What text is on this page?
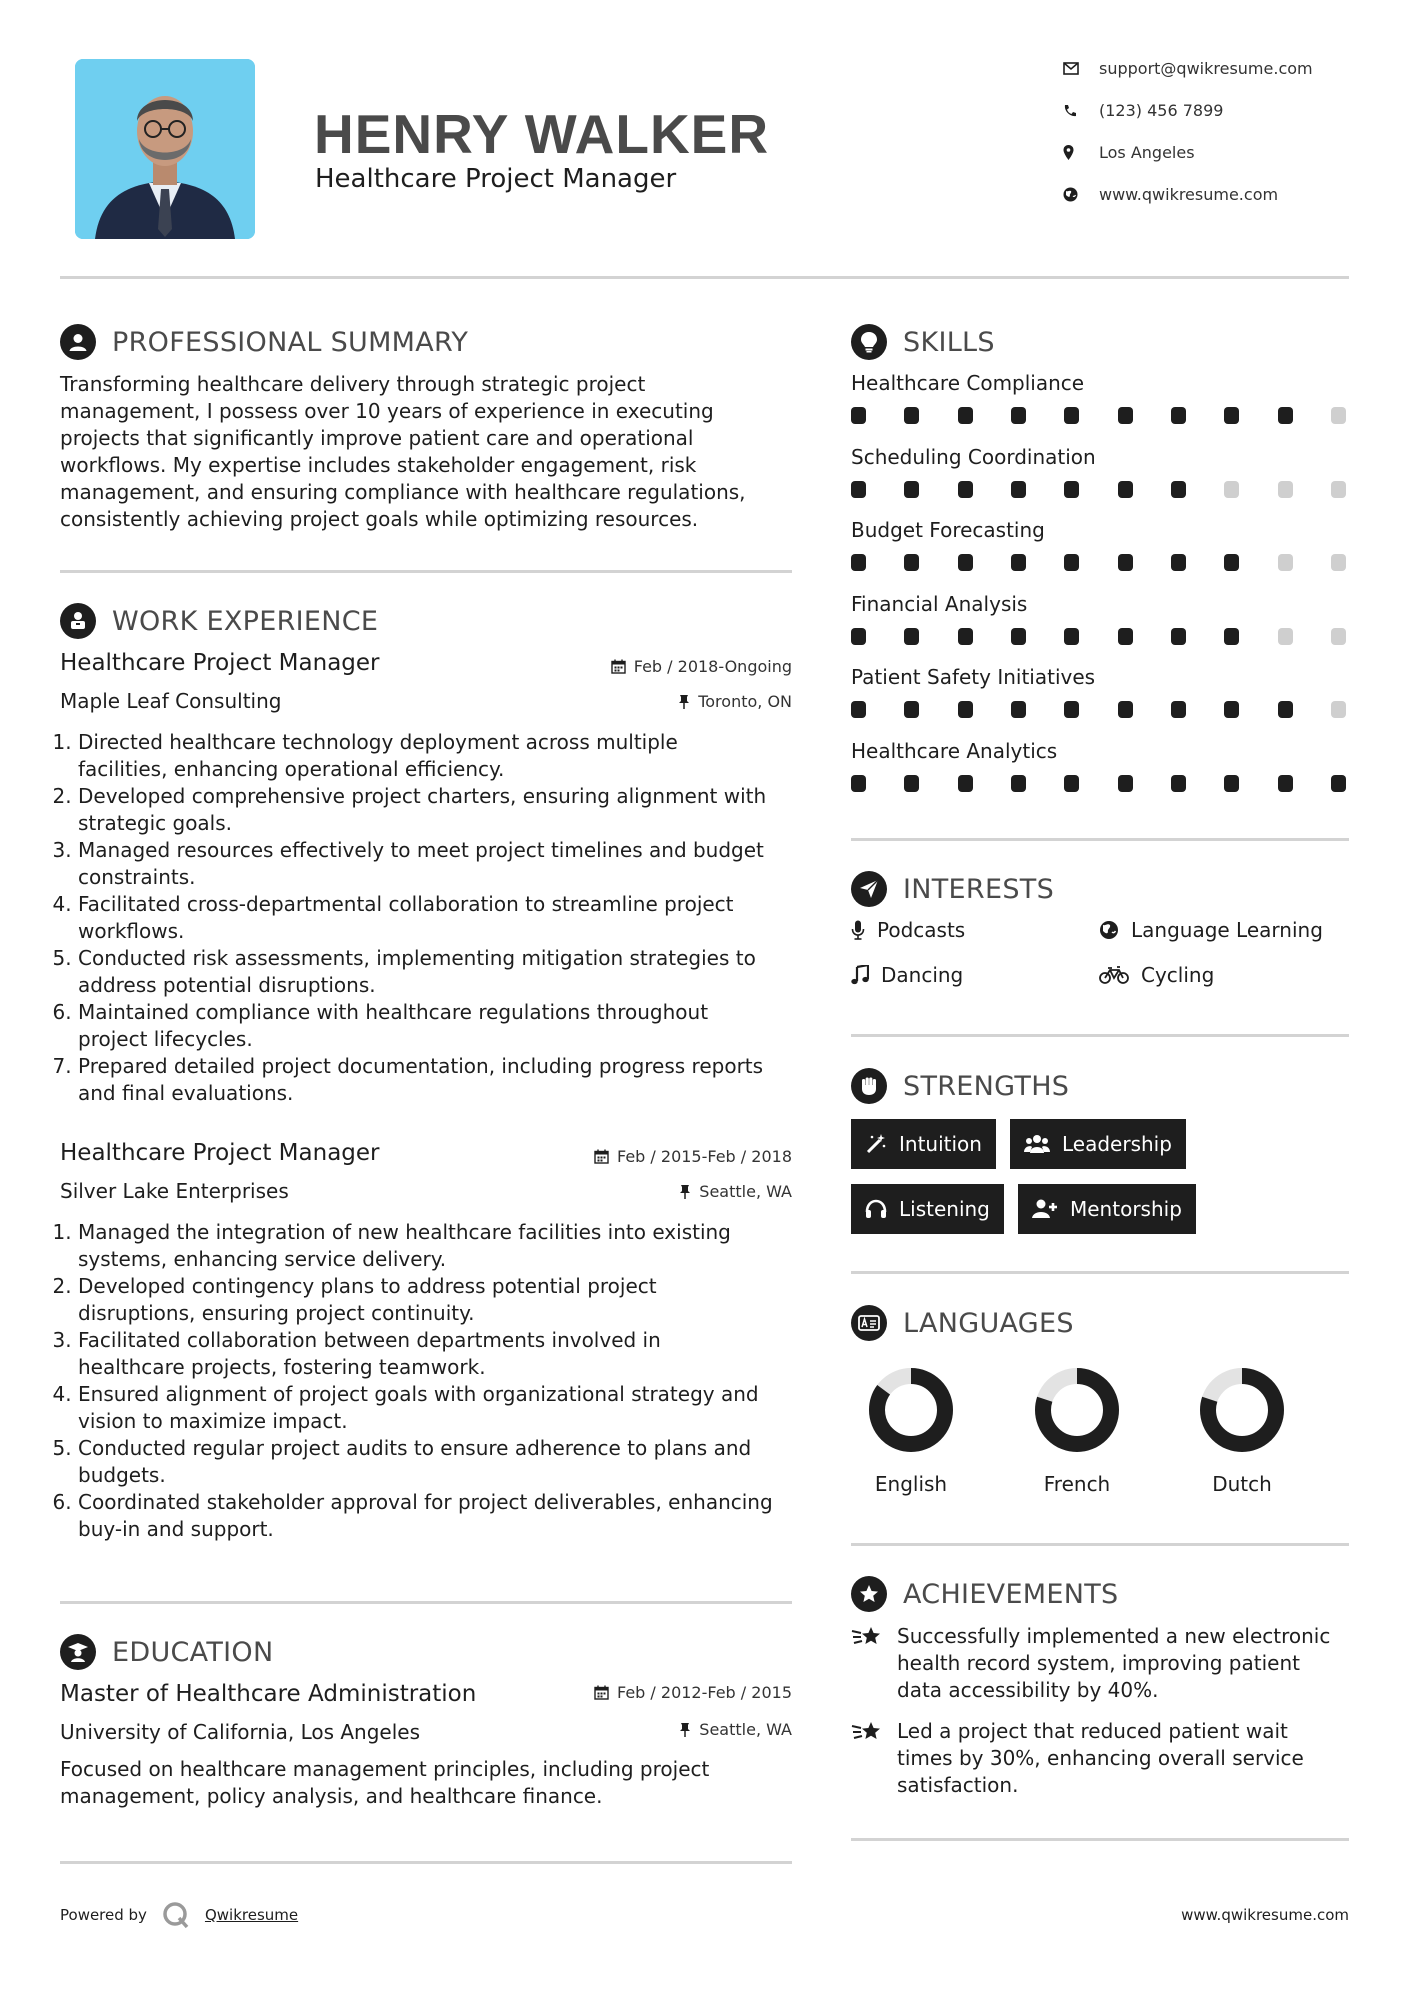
HENRY WALKER
Healthcare Project Manager
support@qwikresume.com
(123) 456 7899
Los Angeles
www.qwikresume.com
PROFESSIONAL SUMMARY
Transforming healthcare delivery through strategic project
management, I possess over 10 years of experience in executing
projects that significantly improve patient care and operational
workflows. My expertise includes stakeholder engagement, risk
management, and ensuring compliance with healthcare regulations,
consistently achieving project goals while optimizing resources.
WORK EXPERIENCE
Healthcare Project Manager	Feb / 2018-Ongoing
Maple Leaf Consulting	Toronto, ON
1. Directed healthcare technology deployment across multiple
facilities, enhancing operational efficiency.
2. Developed comprehensive project charters, ensuring alignment with
strategic goals.
3. Managed resources effectively to meet project timelines and budget
constraints.
4. Facilitated cross-departmental collaboration to streamline project
workflows.
5. Conducted risk assessments, implementing mitigation strategies to
address potential disruptions.
6. Maintained compliance with healthcare regulations throughout
project lifecycles.
7. Prepared detailed project documentation, including progress reports
and final evaluations.
Healthcare Project Manager	Feb / 2015-Feb / 2018
Silver Lake Enterprises	Seattle, WA
1. Managed the integration of new healthcare facilities into existing
systems, enhancing service delivery.
2. Developed contingency plans to address potential project
disruptions, ensuring project continuity.
3. Facilitated collaboration between departments involved in
healthcare projects, fostering teamwork.
4. Ensured alignment of project goals with organizational strategy and
vision to maximize impact.
5. Conducted regular project audits to ensure adherence to plans and
budgets.
6. Coordinated stakeholder approval for project deliverables, enhancing
buy-in and support.
EDUCATION
Master of Healthcare Administration	Feb / 2012-Feb / 2015
University of California, Los Angeles	Seattle, WA
Focused on healthcare management principles, including project
management, policy analysis, and healthcare finance.
SKILLS
Healthcare Compliance
Scheduling Coordination
Budget Forecasting
Financial Analysis
Patient Safety Initiatives
Healthcare Analytics
INTERESTS
Podcasts	Language Learning
Dancing	Cycling
STRENGTHS
Intuition	Leadership
Listening	Mentorship
LANGUAGES
English	French	Dutch
ACHIEVEMENTS
Successfully implemented a new electronic
health record system, improving patient
data accessibility by 40%.
Led a project that reduced patient wait
times by 30%, enhancing overall service
satisfaction.
Powered by	Qwikresume	www.qwikresume.com
